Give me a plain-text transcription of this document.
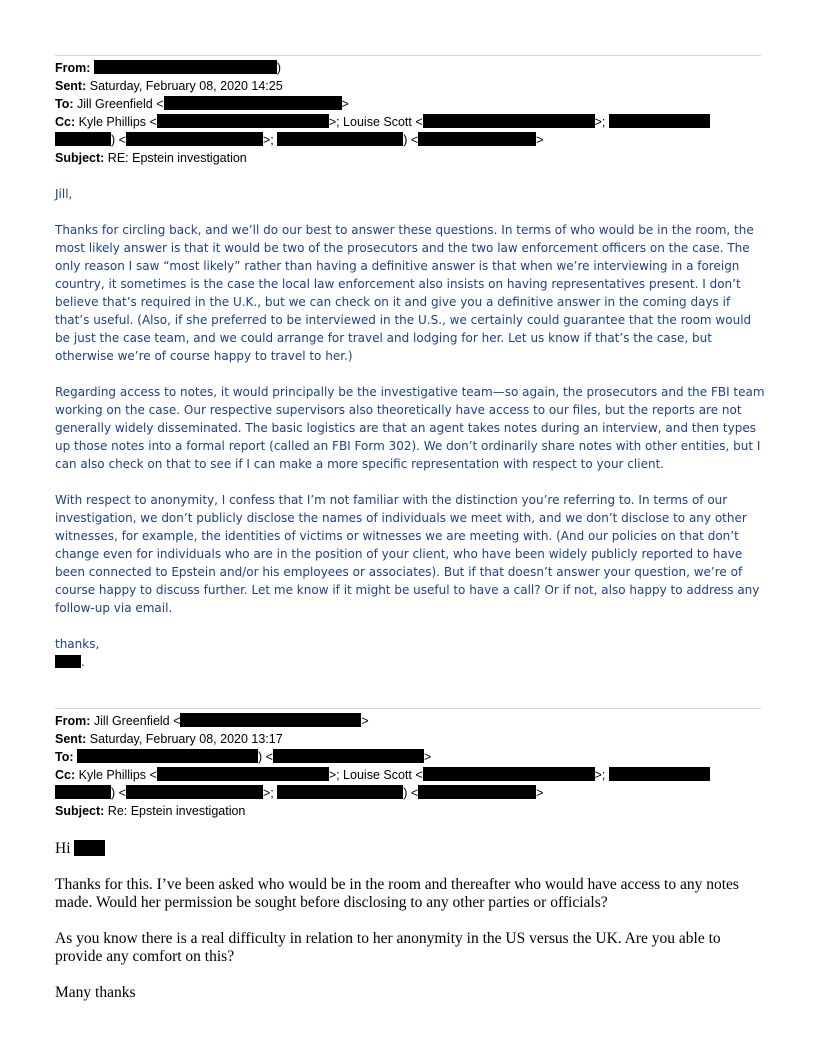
From:	)
Sent: Saturday, February 08, 2020 14:25
To: Jill Greenfield <	>
Cc: Kyle Phillips <	>; Louise Scott <	>;
) <	>;	) <	>
Subject: RE: Epstein investigation

Jill,

Thanks for circling back, and we’ll do our best to answer these questions. In terms of who would be in the room, the most likely answer is that it would be two of the prosecutors and the two law enforcement officers on the case. The only reason I saw “most likely” rather than having a definitive answer is that when we’re interviewing in a foreign country, it sometimes is the case the local law enforcement also insists on having representatives present. I don’t believe that’s required in the U.K., but we can check on it and give you a definitive answer in the coming days if that’s useful. (Also, if she preferred to be interviewed in the U.S., we certainly could guarantee that the room would be just the case team, and we could arrange for travel and lodging for her. Let us know if that’s the case, but otherwise we’re of course happy to travel to her.)

Regarding access to notes, it would principally be the investigative team—so again, the prosecutors and the FBI team working on the case. Our respective supervisors also theoretically have access to our files, but the reports are not generally widely disseminated. The basic logistics are that an agent takes notes during an interview, and then types up those notes into a formal report (called an FBI Form 302). We don’t ordinarily share notes with other entities, but I can also check on that to see if I can make a more specific representation with respect to your client.

With respect to anonymity, I confess that I’m not familiar with the distinction you’re referring to. In terms of our investigation, we don’t publicly disclose the names of individuals we meet with, and we don’t disclose to any other witnesses, for example, the identities of victims or witnesses we are meeting with. (And our policies on that don’t change even for individuals who are in the position of your client, who have been widely publicly reported to have been connected to Epstein and/or his employees or associates). But if that doesn’t answer your question, we’re of course happy to discuss further. Let me know if it might be useful to have a call? Or if not, also happy to address any follow-up via email.

thanks,

.

From: Jill Greenfield <	>
Sent: Saturday, February 08, 2020 13:17
To:	) <	>
Cc: Kyle Phillips <	>; Louise Scott <	>;
) <	>;	) <	>
Subject: Re: Epstein investigation

Hi

Thanks for this. I’ve been asked who would be in the room and thereafter who would have access to any notes made. Would her permission be sought before disclosing to any other parties or officials?

As you know there is a real difficulty in relation to her anonymity in the US versus the UK. Are you able to provide any comfort on this?

Many thanks
